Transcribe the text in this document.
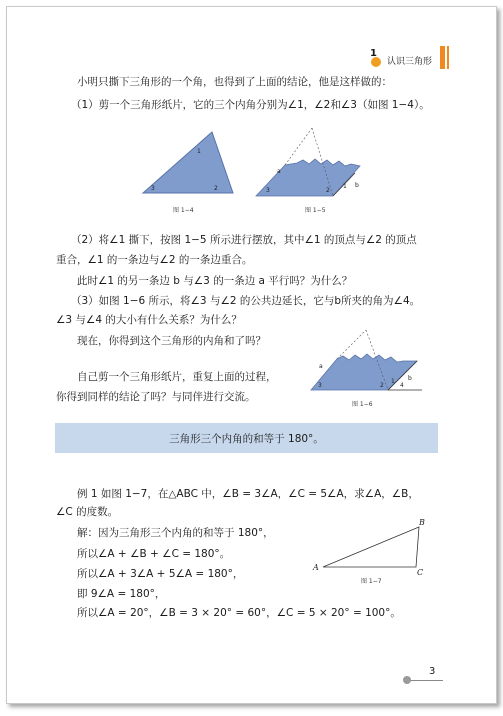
1
认识三角形
小明只撕下三角形的一个角，也得到了上面的结论，他是这样做的：
（1）剪一个三角形纸片，它的三个内角分别为∠1，∠2和∠3（如图 1−4）。
1
2
3
图 1−4
a
b
1
2
3
图 1−5
（2）将∠1 撕下，按图 1−5 所示进行摆放，其中∠1 的顶点与∠2 的顶点
重合，∠1 的一条边与∠2 的一条边重合。
此时∠1 的另一条边 b 与∠3 的一条边 a 平行吗？为什么？
（3）如图 1−6 所示，将∠3 与∠2 的公共边延长，它与b所夹的角为∠4。
∠3 与∠4 的大小有什么关系？为什么？
现在，你得到这个三角形的内角和了吗？
自己剪一个三角形纸片，重复上面的过程，
你得到同样的结论了吗？与同伴进行交流。
a
3	2
1
4
b
图 1−6
三角形三个内角的和等于 180°。
例 1 如图 1−7，在△ABC 中，∠B = 3∠A，∠C = 5∠A，求∠A，∠B，
∠C 的度数。
解：因为三角形三个内角的和等于 180°，
所以∠A + ∠B + ∠C = 180°。
所以∠A + 3∠A + 5∠A = 180°，
即 9∠A = 180°，
所以∠A = 20°，∠B = 3 × 20° = 60°，∠C = 5 × 20° = 100°。
A
B
C
图 1−7
3
